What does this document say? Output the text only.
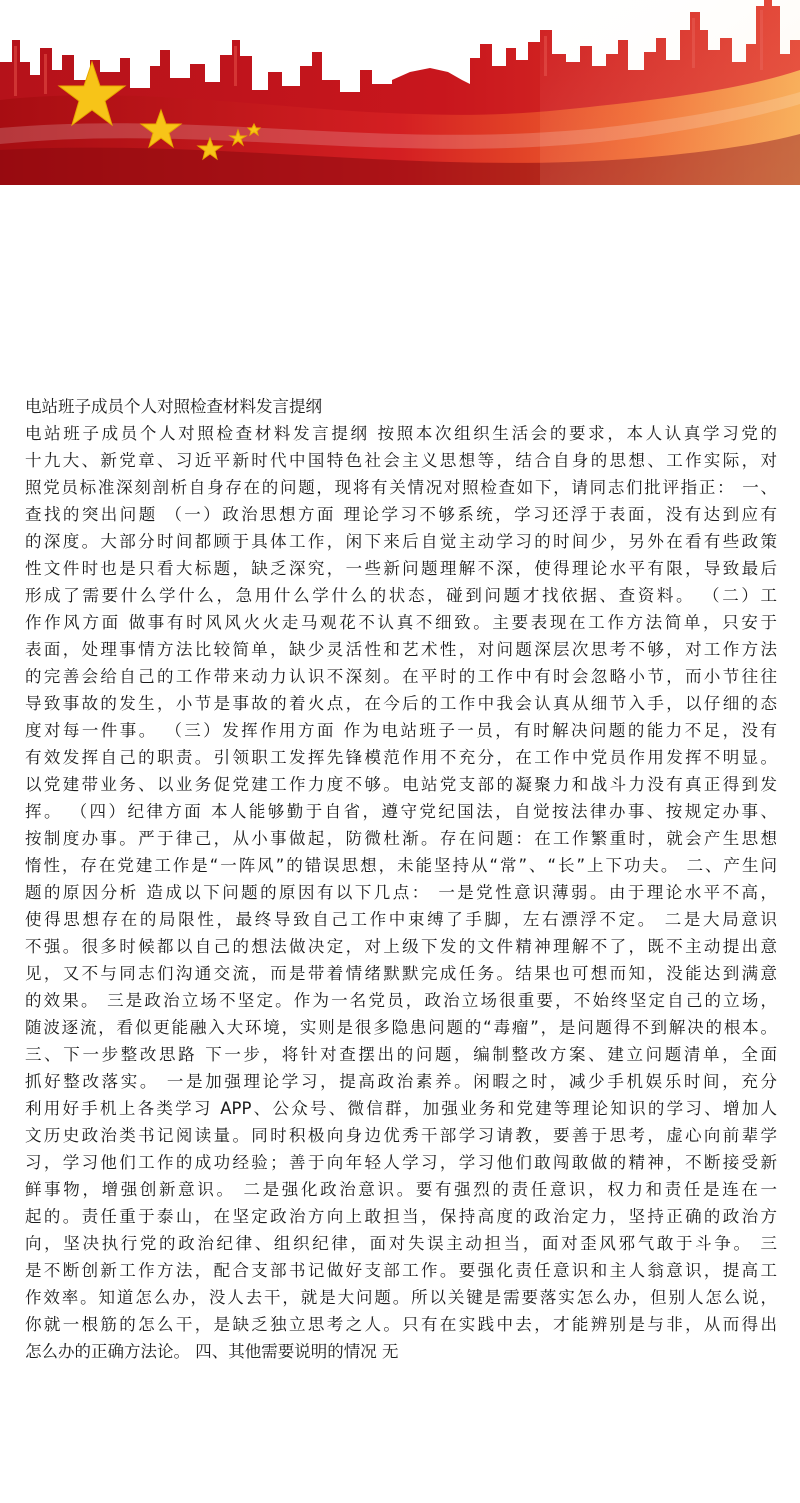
电站班子成员个人对照检查材料发言提纲
电站班子成员个人对照检查材料发言提纲 按照本次组织生活会的要求，本人认真学习党的
十九大、新党章、习近平新时代中国特色社会主义思想等，结合自身的思想、工作实际，对
照党员标准深刻剖析自身存在的问题，现将有关情况对照检查如下，请同志们批评指正： 一、
查找的突出问题 （一）政治思想方面 理论学习不够系统，学习还浮于表面，没有达到应有
的深度。大部分时间都顾于具体工作，闲下来后自觉主动学习的时间少，另外在看有些政策
性文件时也是只看大标题，缺乏深究，一些新问题理解不深，使得理论水平有限，导致最后
形成了需要什么学什么，急用什么学什么的状态，碰到问题才找依据、查资料。 （二）工
作作风方面 做事有时风风火火走马观花不认真不细致。主要表现在工作方法简单，只安于
表面，处理事情方法比较简单，缺少灵活性和艺术性，对问题深层次思考不够，对工作方法
的完善会给自己的工作带来动力认识不深刻。在平时的工作中有时会忽略小节，而小节往往
导致事故的发生，小节是事故的着火点，在今后的工作中我会认真从细节入手，以仔细的态
度对每一件事。 （三）发挥作用方面 作为电站班子一员，有时解决问题的能力不足，没有
有效发挥自己的职责。引领职工发挥先锋模范作用不充分，在工作中党员作用发挥不明显。
以党建带业务、以业务促党建工作力度不够。电站党支部的凝聚力和战斗力没有真正得到发
挥。 （四）纪律方面 本人能够勤于自省，遵守党纪国法，自觉按法律办事、按规定办事、
按制度办事。严于律己，从小事做起，防微杜渐。存在问题：在工作繁重时，就会产生思想
惰性，存在党建工作是“一阵风”的错误思想，未能坚持从“常”、“长”上下功夫。 二、产生问
题的原因分析 造成以下问题的原因有以下几点： 一是党性意识薄弱。由于理论水平不高，
使得思想存在的局限性，最终导致自己工作中束缚了手脚，左右漂浮不定。 二是大局意识
不强。很多时候都以自己的想法做决定，对上级下发的文件精神理解不了，既不主动提出意
见，又不与同志们沟通交流，而是带着情绪默默完成任务。结果也可想而知，没能达到满意
的效果。 三是政治立场不坚定。作为一名党员，政治立场很重要，不始终坚定自己的立场，
随波逐流，看似更能融入大环境，实则是很多隐患问题的“毒瘤”，是问题得不到解决的根本。
三、下一步整改思路 下一步，将针对查摆出的问题，编制整改方案、建立问题清单，全面
抓好整改落实。 一是加强理论学习，提高政治素养。闲暇之时，减少手机娱乐时间，充分
利用好手机上各类学习 APP、公众号、微信群，加强业务和党建等理论知识的学习、增加人
文历史政治类书记阅读量。同时积极向身边优秀干部学习请教，要善于思考，虚心向前辈学
习，学习他们工作的成功经验；善于向年轻人学习，学习他们敢闯敢做的精神，不断接受新
鲜事物，增强创新意识。 二是强化政治意识。要有强烈的责任意识，权力和责任是连在一
起的。责任重于泰山，在坚定政治方向上敢担当，保持高度的政治定力，坚持正确的政治方
向，坚决执行党的政治纪律、组织纪律，面对失误主动担当，面对歪风邪气敢于斗争。 三
是不断创新工作方法，配合支部书记做好支部工作。要强化责任意识和主人翁意识，提高工
作效率。知道怎么办，没人去干，就是大问题。所以关键是需要落实怎么办，但别人怎么说，
你就一根筋的怎么干，是缺乏独立思考之人。只有在实践中去，才能辨别是与非，从而得出
怎么办的正确方法论。 四、其他需要说明的情况 无
